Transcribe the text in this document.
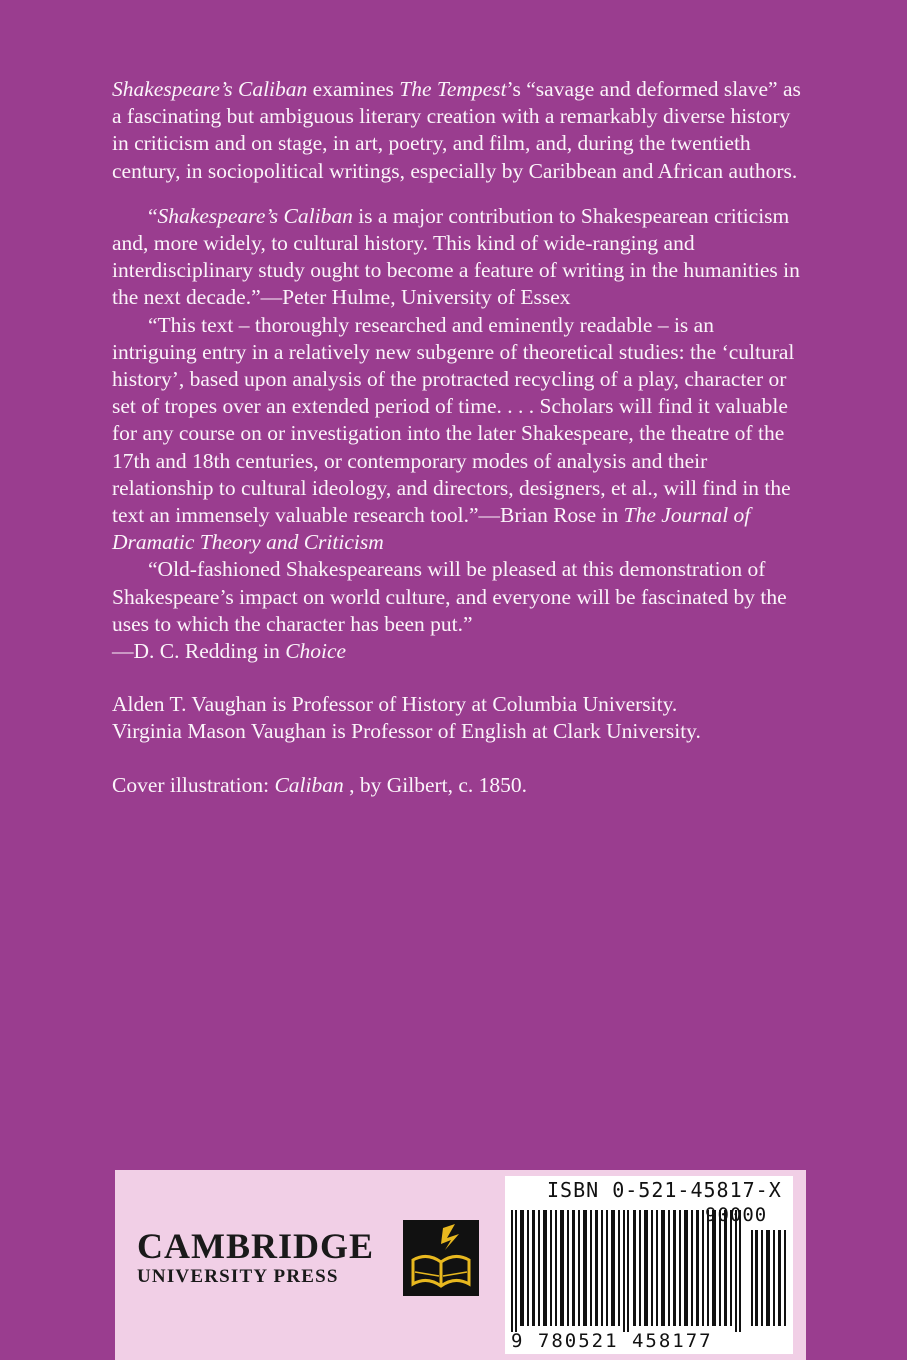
Shakespeare’s Caliban examines The Tempest’s “savage and deformed slave” as a fascinating but ambiguous literary creation with a remarkably diverse history in criticism and on stage, in art, poetry, and film, and, during the twentieth century, in sociopolitical writings, especially by Caribbean and African authors.

“Shakespeare’s Caliban is a major contribution to Shakespearean criticism and, more widely, to cultural history. This kind of wide-ranging and interdisciplinary study ought to become a feature of writing in the humanities in the next decade.”—Peter Hulme, University of Essex

“This text – thoroughly researched and eminently readable – is an intriguing entry in a relatively new subgenre of theoretical studies: the ‘cultural history’, based upon analysis of the protracted recycling of a play, character or set of tropes over an extended period of time. . . . Scholars will find it valuable for any course on or investigation into the later Shakespeare, the theatre of the 17th and 18th centuries, or contemporary modes of analysis and their relationship to cultural ideology, and directors, designers, et al., will find in the text an immensely valuable research tool.”—Brian Rose in The Journal of Dramatic Theory and Criticism

“Old-fashioned Shakespeareans will be pleased at this demonstration of Shakespeare’s impact on world culture, and everyone will be fascinated by the uses to which the character has been put.”
—D. C. Redding in Choice

Alden T. Vaughan is Professor of History at Columbia University.
Virginia Mason Vaughan is Professor of English at Clark University.

Cover illustration: Caliban , by Gilbert, c. 1850.

CAMBRIDGE
UNIVERSITY PRESS
ISBN 0-521-45817-X
90000
9 780521 458177
